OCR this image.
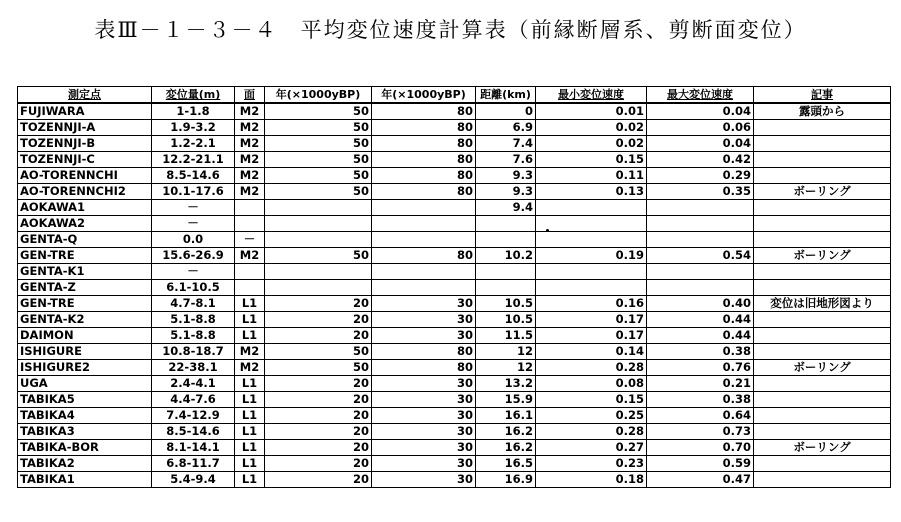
表Ⅲ－１－３－４　平均変位速度計算表（前縁断層系、剪断面変位）
測定点	変位量(m)	面	年(×1000yBP)	年(×1000yBP)	距離(km)	最小変位速度	最大変位速度	記事
FUJIWARA	1-1.8	M2	50	80	0	0.01	0.04	露頭から
TOZENNJI-A	1.9-3.2	M2	50	80	6.9	0.02	0.06	
TOZENNJI-B	1.2-2.1	M2	50	80	7.4	0.02	0.04	
TOZENNJI-C	12.2-21.1	M2	50	80	7.6	0.15	0.42	
AO-TORENNCHI	8.5-14.6	M2	50	80	9.3	0.11	0.29	
AO-TORENNCHI2	10.1-17.6	M2	50	80	9.3	0.13	0.35	ボーリング
AOKAWA1	－				9.4			
AOKAWA2	－							
GENTA-Q	0.0	－						
GEN-TRE	15.6-26.9	M2	50	80	10.2	0.19	0.54	ボーリング
GENTA-K1	－							
GENTA-Z	6.1-10.5							
GEN-TRE	4.7-8.1	L1	20	30	10.5	0.16	0.40	変位は旧地形図より
GENTA-K2	5.1-8.8	L1	20	30	10.5	0.17	0.44	
DAIMON	5.1-8.8	L1	20	30	11.5	0.17	0.44	
ISHIGURE	10.8-18.7	M2	50	80	12	0.14	0.38	
ISHIGURE2	22-38.1	M2	50	80	12	0.28	0.76	ボーリング
UGA	2.4-4.1	L1	20	30	13.2	0.08	0.21	
TABIKA5	4.4-7.6	L1	20	30	15.9	0.15	0.38	
TABIKA4	7.4-12.9	L1	20	30	16.1	0.25	0.64	
TABIKA3	8.5-14.6	L1	20	30	16.2	0.28	0.73	
TABIKA-BOR	8.1-14.1	L1	20	30	16.2	0.27	0.70	ボーリング
TABIKA2	6.8-11.7	L1	20	30	16.5	0.23	0.59	
TABIKA1	5.4-9.4	L1	20	30	16.9	0.18	0.47	
